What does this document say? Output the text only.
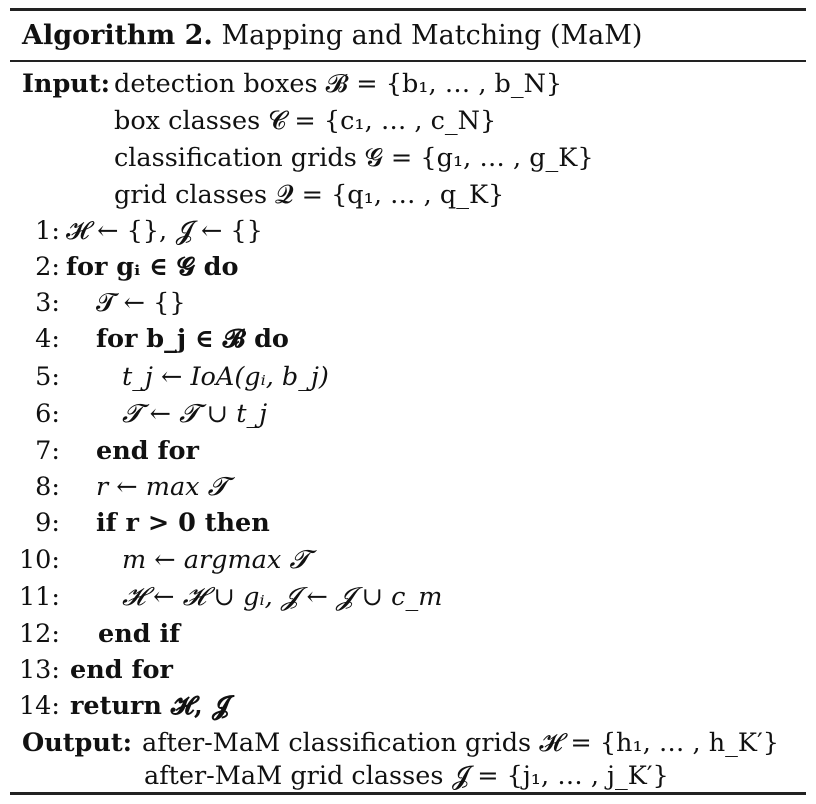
Algorithm 2. Mapping and Matching (MaM)
Input: detection boxes 𝓑 = {b₁, … , b_N}
box classes 𝓒 = {c₁, … , c_N}
classification grids 𝓖 = {g₁, … , g_K}
grid classes 𝓠 = {q₁, … , q_K}
1: 𝓗 ← {}, 𝓙 ← {}
2: for gᵢ ∈ 𝓖 do
3: 𝓣 ← {}
4: for b_j ∈ 𝓑 do
5: t_j ← IoA(gᵢ, b_j)
6: 𝓣 ← 𝓣 ∪ t_j
7: end for
8: r ← max 𝓣
9: if r > 0 then
10: m ← argmax 𝓣
11: 𝓗 ← 𝓗 ∪ gᵢ, 𝓙 ← 𝓙 ∪ c_m
12: end if
13: end for
14: return 𝓗, 𝓙
Output: after-MaM classification grids 𝓗 = {h₁, … , h_K′}
after-MaM grid classes 𝓙 = {j₁, … , j_K′}
